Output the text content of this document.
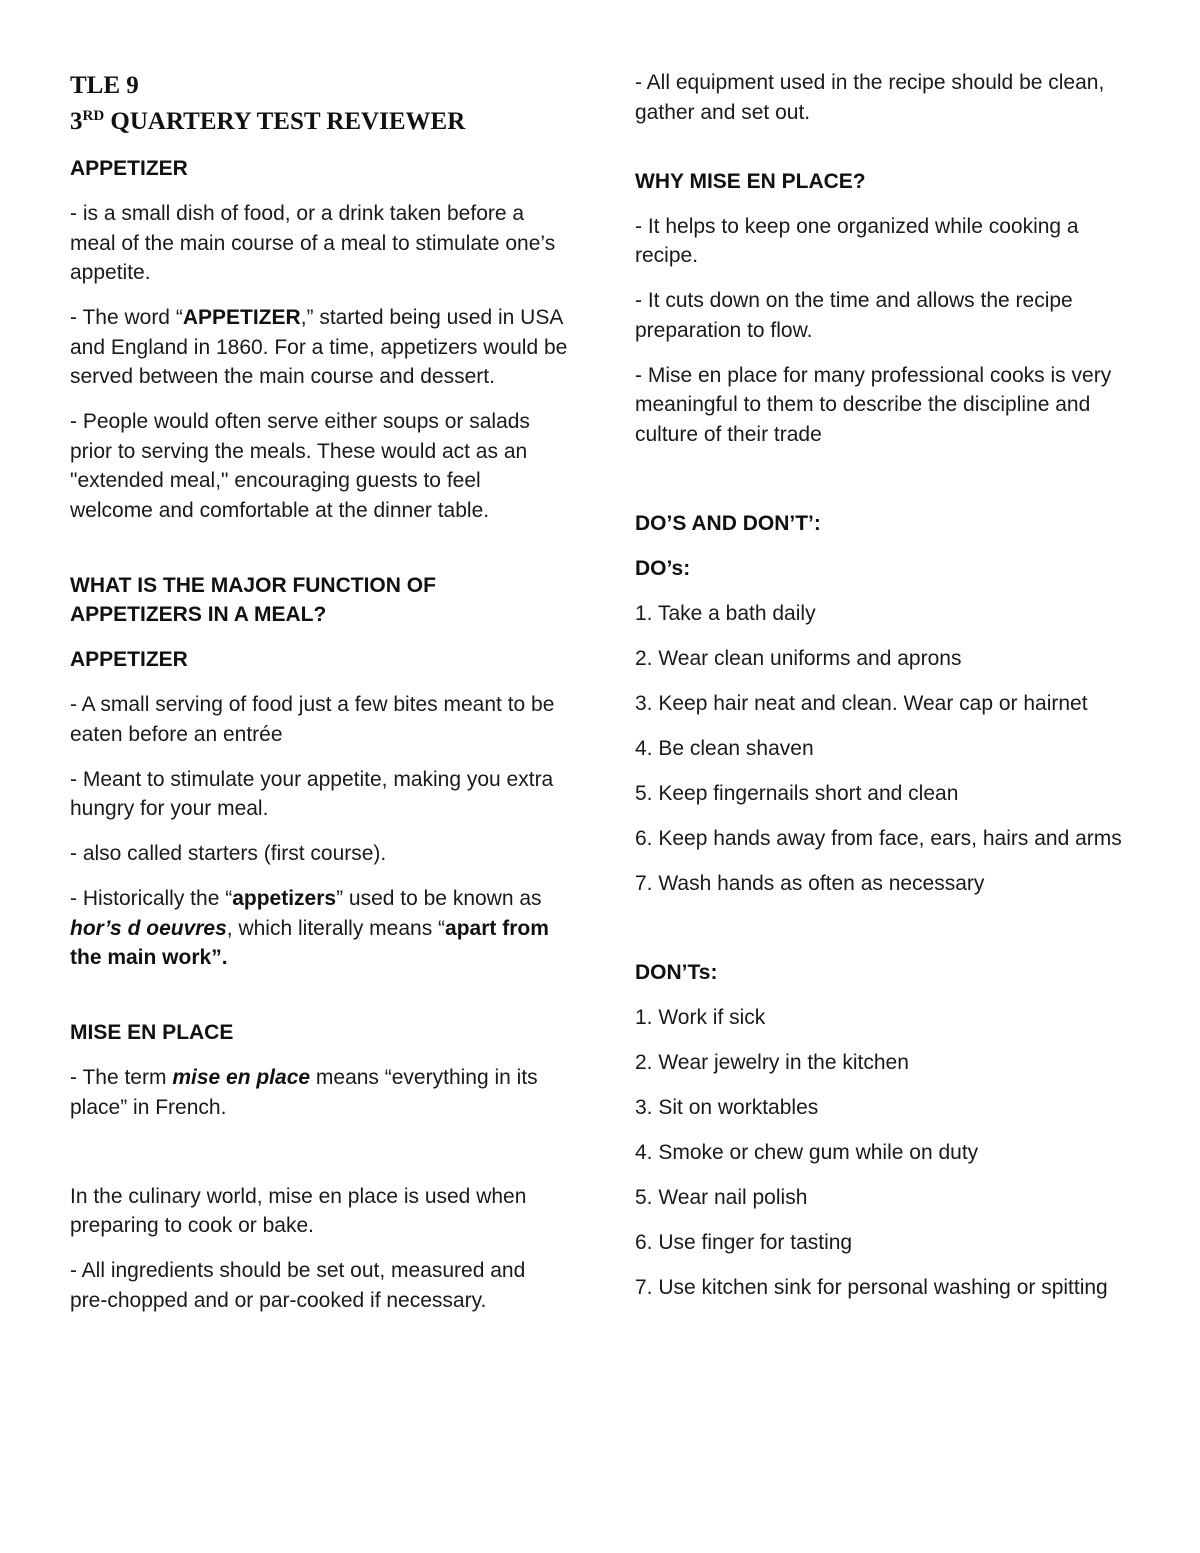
TLE 9
3RD QUARTERY TEST REVIEWER
APPETIZER

- is a small dish of food, or a drink taken before a meal of the main course of a meal to stimulate one’s appetite.

- The word “APPETIZER,” started being used in USA and England in 1860. For a time, appetizers would be served between the main course and dessert.

- People would often serve either soups or salads prior to serving the meals. These would act as an "extended meal," encouraging guests to feel welcome and comfortable at the dinner table.

WHAT IS THE MAJOR FUNCTION OF APPETIZERS IN A MEAL?
APPETIZER

- A small serving of food just a few bites meant to be eaten before an entrée

- Meant to stimulate your appetite, making you extra hungry for your meal.

- also called starters (first course).

- Historically the “appetizers” used to be known as hor’s d oeuvres, which literally means “apart from the main work”.

MISE EN PLACE

- The term mise en place means “everything in its place” in French.

In the culinary world, mise en place is used when preparing to cook or bake.

- All ingredients should be set out, measured and pre-chopped and or par-cooked if necessary.

- All equipment used in the recipe should be clean, gather and set out.

WHY MISE EN PLACE?

- It helps to keep one organized while cooking a recipe.

- It cuts down on the time and allows the recipe preparation to flow.

- Mise en place for many professional cooks is very meaningful to them to describe the discipline and culture of their trade

DO’S AND DON’T’:
DO’s:

1. Take a bath daily

2. Wear clean uniforms and aprons

3. Keep hair neat and clean. Wear cap or hairnet

4. Be clean shaven

5. Keep fingernails short and clean

6. Keep hands away from face, ears, hairs and arms

7. Wash hands as often as necessary

DON’Ts:

1. Work if sick

2. Wear jewelry in the kitchen

3. Sit on worktables

4. Smoke or chew gum while on duty

5. Wear nail polish

6. Use finger for tasting

7. Use kitchen sink for personal washing or spitting
